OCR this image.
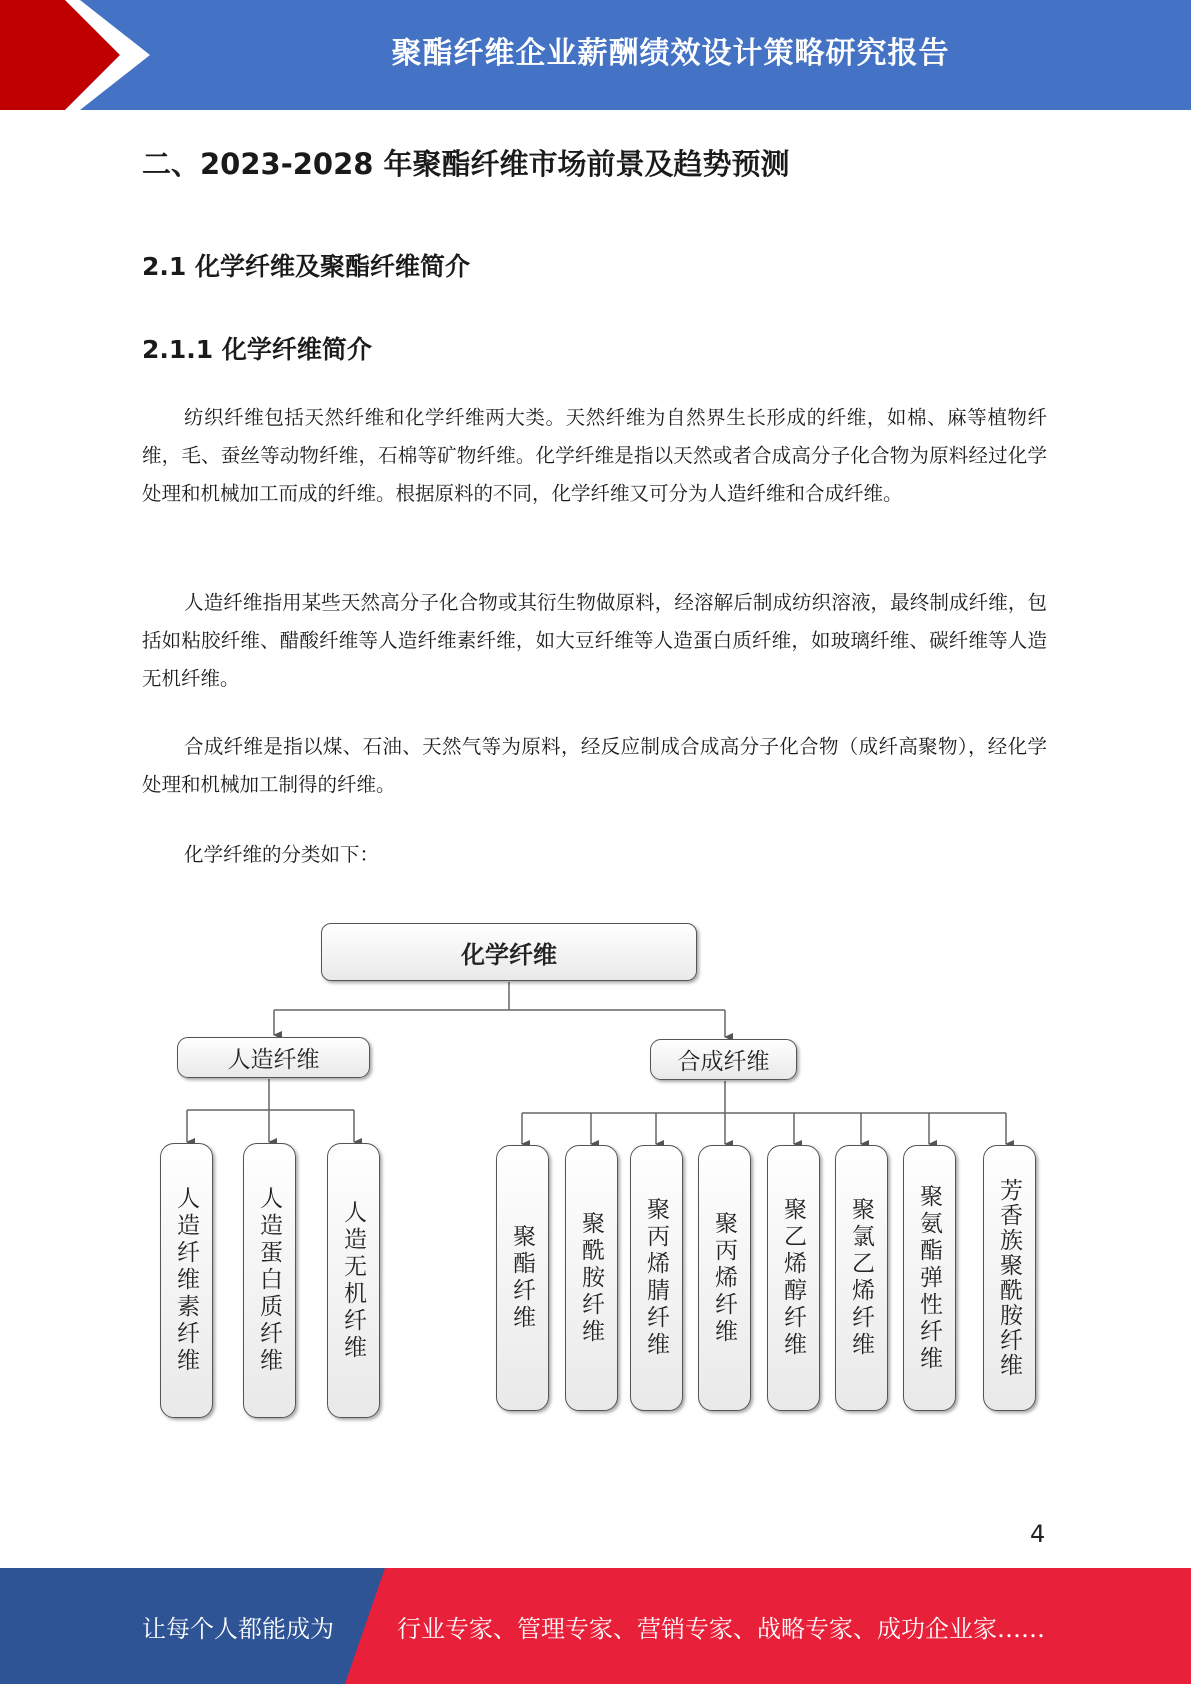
聚酯纤维企业薪酬绩效设计策略研究报告
二、2023-2028 年聚酯纤维市场前景及趋势预测
2.1 化学纤维及聚酯纤维简介
2.1.1 化学纤维简介

纺织纤维包括天然纤维和化学纤维两大类。天然纤维为自然界生长形成的纤维，如棉、麻等植物纤维，毛、蚕丝等动物纤维，石棉等矿物纤维。化学纤维是指以天然或者合成高分子化合物为原料经过化学处理和机械加工而成的纤维。根据原料的不同，化学纤维又可分为人造纤维和合成纤维。

人造纤维指用某些天然高分子化合物或其衍生物做原料，经溶解后制成纺织溶液，最终制成纤维，包括如粘胶纤维、醋酸纤维等人造纤维素纤维，如大豆纤维等人造蛋白质纤维，如玻璃纤维、碳纤维等人造无机纤维。

合成纤维是指以煤、石油、天然气等为原料，经反应制成合成高分子化合物（成纤高聚物），经化学处理和机械加工制得的纤维。

化学纤维的分类如下：

化学纤维
人造纤维	合成纤维
人造纤维素纤维	人造蛋白质纤维	人造无机纤维	聚酯纤维	聚酰胺纤维	聚丙烯腈纤维	聚丙烯纤维	聚乙烯醇纤维	聚氯乙烯纤维	聚氨酯弹性纤维	芳香族聚酰胺纤维
4
让每个人都能成为	行业专家、管理专家、营销专家、战略专家、成功企业家……
